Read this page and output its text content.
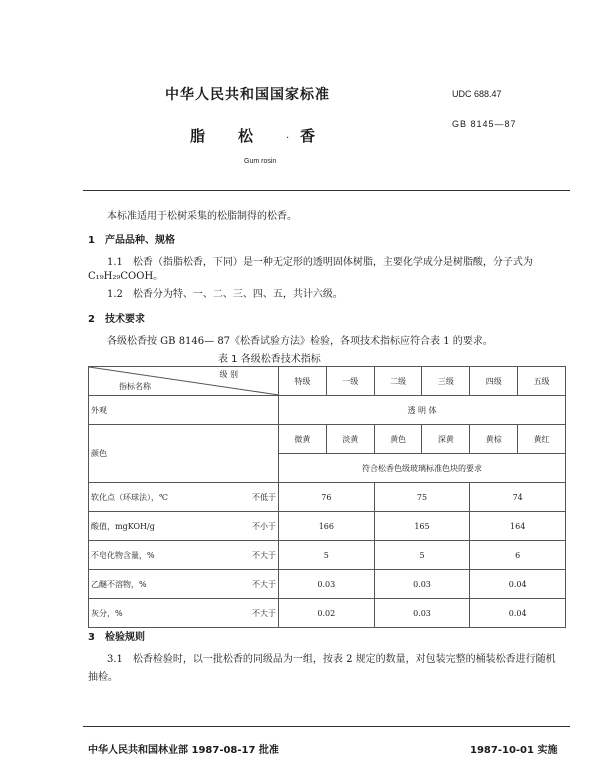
中华人民共和国国家标准	UDC 688.47
GB 8145—87
脂 松	. 香
Gum rosin
本标准适用于松树采集的松脂制得的松香。
1 产品品种、规格
1.1 松香（指脂松香，下同）是一种无定形的透明固体树脂，主要化学成分是树脂酸，分子式为
C₁₉H₂₉COOH。
1.2 松香分为特、一、二、三、四、五，共计六级。
2 技术要求
各级松香按 GB 8146— 87《松香试验方法》检验，各项技术指标应符合表 1 的要求。
表 1 各级松香技术指标
级 别
指标名称	特级	一级	二级	三级	四级	五级
外观	透 明 体					
颜色	微黄	淡黄	黄色	深黄	黄棕	黄红
	符合松香色级玻璃标准色块的要求					
软化点（环球法），℃ 不低于	76		75		74	
酸值，mgKOH/g 不小于	166		165		164	
不皂化物含量，% 不大于	5		5		6	
乙醚不溶物，% 不大于	0.03		0.03		0.04	
灰分，% 不大于	0.02		0.03		0.04	
3 检验规则
3.1 松香检验时，以一批松香的同级品为一组，按表 2 规定的数量，对包装完整的桶装松香进行随机
抽检。
中华人民共和国林业部 1987-08-17 批准	1987-10-01 实施
